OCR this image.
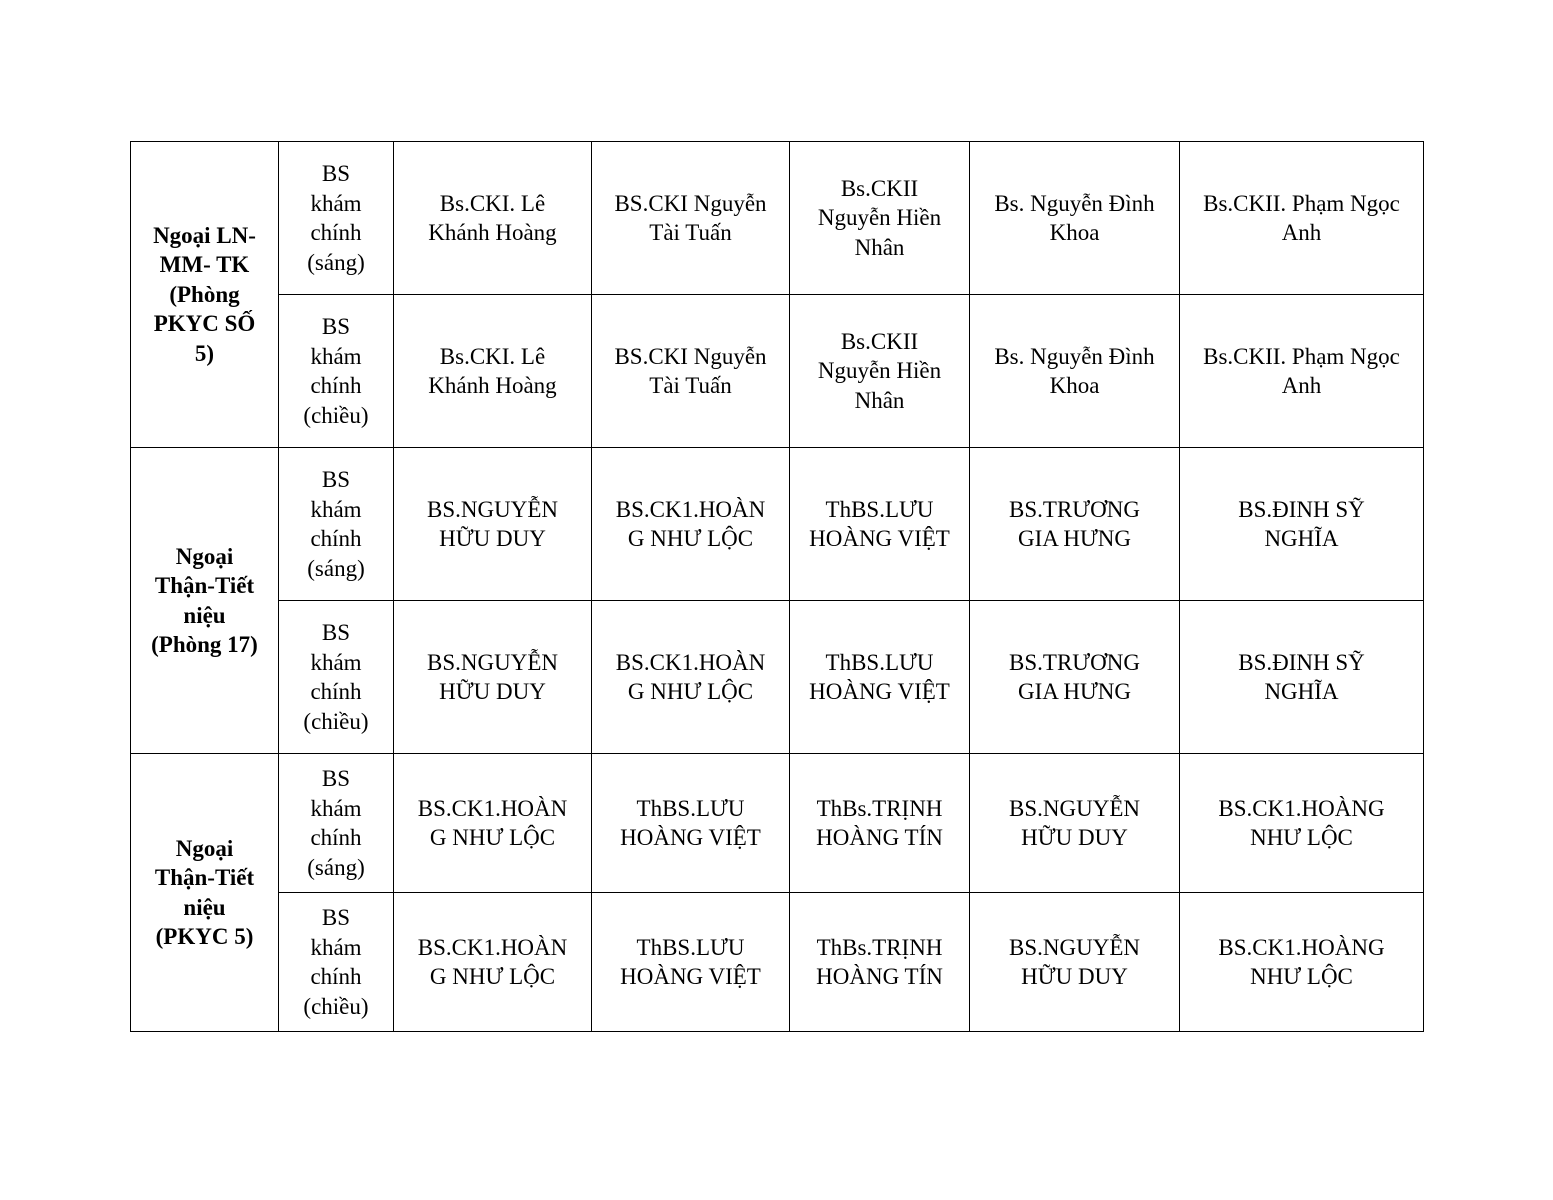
Ngoại LN-
MM- TK
(Phòng
PKYC SỐ
5)	BS
khám
chính
(sáng)	Bs.CKI. Lê
Khánh Hoàng	BS.CKI Nguyễn
Tài Tuấn	Bs.CKII
Nguyễn Hiền
Nhân	Bs. Nguyễn Đình
Khoa	Bs.CKII. Phạm Ngọc
Anh

	BS
khám
chính
(chiều)	Bs.CKI. Lê
Khánh Hoàng	BS.CKI Nguyễn
Tài Tuấn	Bs.CKII
Nguyễn Hiền
Nhân	Bs. Nguyễn Đình
Khoa	Bs.CKII. Phạm Ngọc
Anh

Ngoại
Thận-Tiết
niệu
(Phòng 17)	BS
khám
chính
(sáng)	BS.NGUYỄN
HỮU DUY	BS.CK1.HOÀN
G NHƯ LỘC	ThBS.LƯU
HOÀNG VIỆT	BS.TRƯƠNG
GIA HƯNG	BS.ĐINH SỸ
NGHĨA

	BS
khám
chính
(chiều)	BS.NGUYỄN
HỮU DUY	BS.CK1.HOÀN
G NHƯ LỘC	ThBS.LƯU
HOÀNG VIỆT	BS.TRƯƠNG
GIA HƯNG	BS.ĐINH SỸ
NGHĨA

Ngoại
Thận-Tiết
niệu
(PKYC 5)	BS
khám
chính
(sáng)	BS.CK1.HOÀN
G NHƯ LỘC	ThBS.LƯU
HOÀNG VIỆT	ThBs.TRỊNH
HOÀNG TÍN	BS.NGUYỄN
HỮU DUY	BS.CK1.HOÀNG
NHƯ LỘC

	BS
khám
chính
(chiều)	BS.CK1.HOÀN
G NHƯ LỘC	ThBS.LƯU
HOÀNG VIỆT	ThBs.TRỊNH
HOÀNG TÍN	BS.NGUYỄN
HỮU DUY	BS.CK1.HOÀNG
NHƯ LỘC
